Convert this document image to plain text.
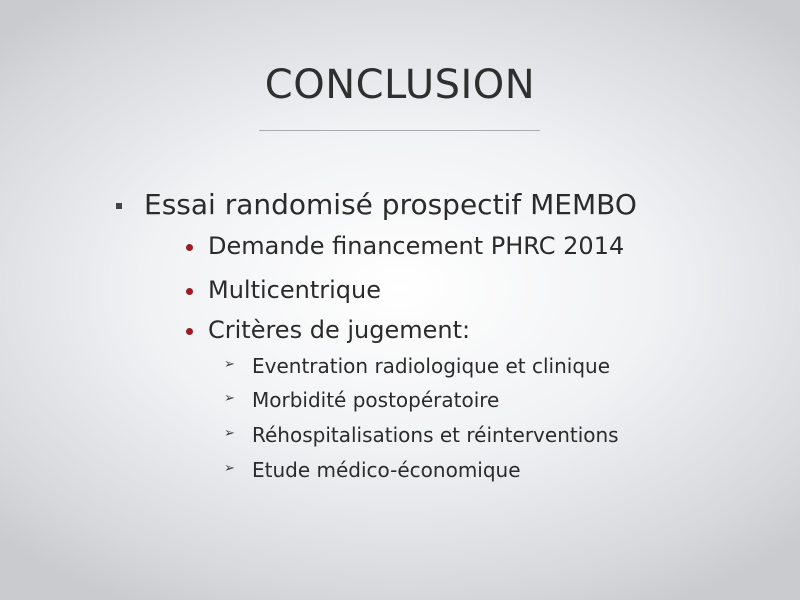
CONCLUSION
Essai randomisé prospectif MEMBO
Demande financement PHRC 2014
Multicentrique
Critères de jugement:
➢ Eventration radiologique et clinique
➢ Morbidité postopératoire
➢ Réhospitalisations et réinterventions
➢ Etude médico-économique
